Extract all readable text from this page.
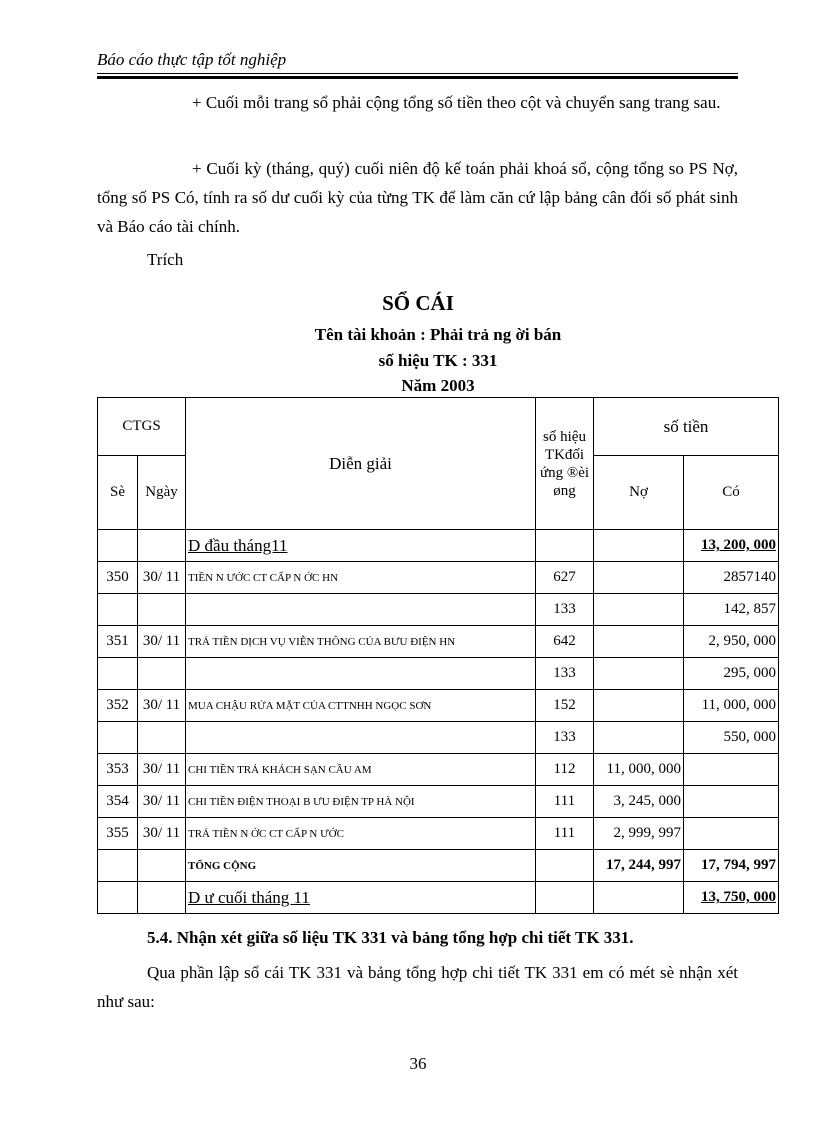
Báo cáo thực tập tốt nghiệp

+ Cuối mỗi trang sổ phải cộng tổng số tiền theo cột và chuyển sang trang sau.

+ Cuối kỳ (tháng, quý) cuối niên độ kế toán phải khoá sổ, cộng tổng so PS Nợ, tổng số PS Có, tính ra số dư cuối kỳ của từng TK để làm căn cứ lập bảng cân đối số phát sinh và Báo cáo tài chính.

Trích
SỔ CÁI
Tên tài khoản : Phải trả ng ời bán
số hiệu TK : 331
Năm 2003
CTGS		Diễn giải	số hiệu TKđối ứng ®èi øng	số tiền	
Sè	Ngày			Nợ	Có
		D đầu tháng11			13, 200, 000
350	30/ 11	TIỀN N ƯỚC CT CẤP N ỚC HN	627		2857140
			133		142, 857
351	30/ 11	TRẢ TIỀN DỊCH VỤ VIỄN THÔNG CỦA BƯU ĐIỆN HN	642		2, 950, 000
			133		295, 000
352	30/ 11	MUA CHẬU RỬA MẶT CỦA CTTNHH NGỌC SƠN	152		11, 000, 000
			133		550, 000
353	30/ 11	CHI TIỀN TRẢ KHÁCH SẠN CẦU AM	112	11, 000, 000	
354	30/ 11	CHI TIỀN ĐIỆN THOẠI B ƯU ĐIỆN TP HÀ NỘI	111	3, 245, 000	
355	30/ 11	TRẢ TIỀN N ỚC CT CẤP N ƯỚC	111	2, 999, 997	
		TỔNG CỘNG		17, 244, 997	17, 794, 997
		D ư cuối tháng 11			13, 750, 000
5.4. Nhận xét giữa số liệu TK 331 và bảng tổng hợp chi tiết TK 331.

Qua phần lập sổ cái TK 331 và bảng tổng hợp chi tiết TK 331 em có mét sè nhận xét như sau:

36
